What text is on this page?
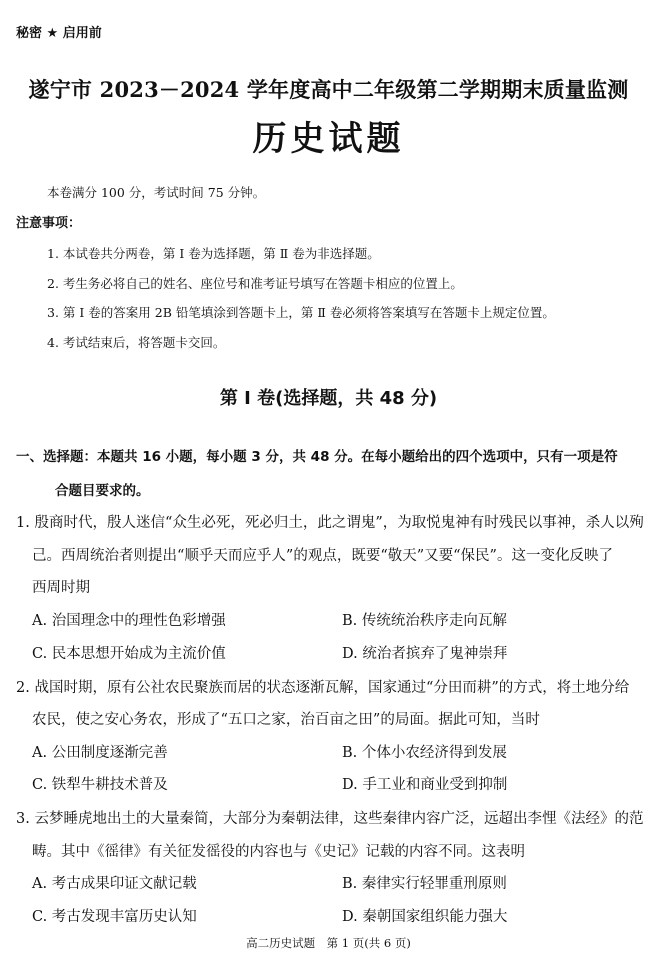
秘密 ★ 启用前
遂宁市 2023－2024 学年度高中二年级第二学期期末质量监测
历史试题
本卷满分 100 分，考试时间 75 分钟。
注意事项：
1. 本试卷共分两卷，第 Ⅰ 卷为选择题，第 Ⅱ 卷为非选择题。
2. 考生务必将自己的姓名、座位号和准考证号填写在答题卡相应的位置上。
3. 第 Ⅰ 卷的答案用 2B 铅笔填涂到答题卡上，第 Ⅱ 卷必须将答案填写在答题卡上规定位置。
4. 考试结束后，将答题卡交回。
第 Ⅰ 卷(选择题，共 48 分)
一、选择题：本题共 16 小题，每小题 3 分，共 48 分。在每小题给出的四个选项中，只有一项是符
合题目要求的。
1. 殷商时代，殷人迷信“众生必死，死必归土，此之谓鬼”，为取悦鬼神有时残民以事神，杀人以殉
己。西周统治者则提出“顺乎天而应乎人”的观点，既要“敬天”又要“保民”。这一变化反映了
西周时期
A. 治国理念中的理性色彩增强	B. 传统统治秩序走向瓦解
C. 民本思想开始成为主流价值	D. 统治者摈弃了鬼神崇拜
2. 战国时期，原有公社农民聚族而居的状态逐渐瓦解，国家通过“分田而耕”的方式，将土地分给
农民，使之安心务农，形成了“五口之家，治百亩之田”的局面。据此可知，当时
A. 公田制度逐渐完善	B. 个体小农经济得到发展
C. 铁犁牛耕技术普及	D. 手工业和商业受到抑制
3. 云梦睡虎地出土的大量秦简，大部分为秦朝法律，这些秦律内容广泛，远超出李悝《法经》的范
畴。其中《徭律》有关征发徭役的内容也与《史记》记载的内容不同。这表明
A. 考古成果印证文献记载	B. 秦律实行轻罪重刑原则
C. 考古发现丰富历史认知	D. 秦朝国家组织能力强大
高二历史试题　第 1 页(共 6 页)
